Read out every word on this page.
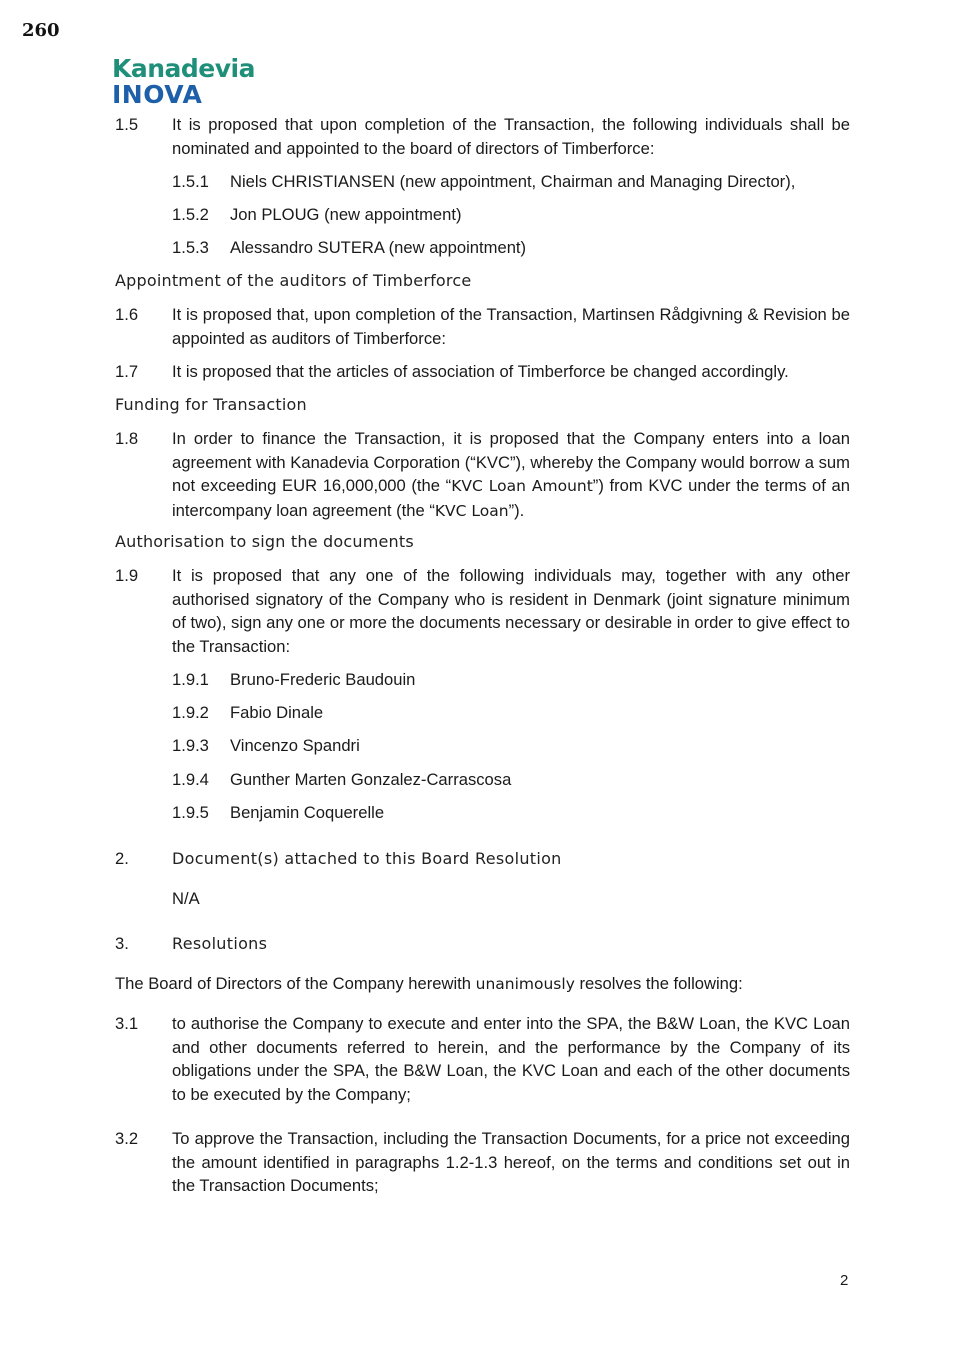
260
Kanadevia
INOVA
1.5 It is proposed that upon completion of the Transaction, the following individuals shall be nominated and appointed to the board of directors of Timberforce:
1.5.1 Niels CHRISTIANSEN (new appointment, Chairman and Managing Director),
1.5.2 Jon PLOUG (new appointment)
1.5.3 Alessandro SUTERA (new appointment)
Appointment of the auditors of Timberforce
1.6 It is proposed that, upon completion of the Transaction, Martinsen Rådgivning & Revision be appointed as auditors of Timberforce:
1.7 It is proposed that the articles of association of Timberforce be changed accordingly.
Funding for Transaction
1.8 In order to finance the Transaction, it is proposed that the Company enters into a loan agreement with Kanadevia Corporation (“KVC”), whereby the Company would borrow a sum not exceeding EUR 16,000,000 (the “KVC Loan Amount”) from KVC under the terms of an intercompany loan agreement (the “KVC Loan”).
Authorisation to sign the documents
1.9 It is proposed that any one of the following individuals may, together with any other authorised signatory of the Company who is resident in Denmark (joint signature minimum of two), sign any one or more the documents necessary or desirable in order to give effect to the Transaction:
1.9.1 Bruno-Frederic Baudouin
1.9.2 Fabio Dinale
1.9.3 Vincenzo Spandri
1.9.4 Gunther Marten Gonzalez-Carrascosa
1.9.5 Benjamin Coquerelle
2.	Document(s) attached to this Board Resolution
N/A
3.	Resolutions
The Board of Directors of the Company herewith unanimously resolves the following:
3.1 to authorise the Company to execute and enter into the SPA, the B&W Loan, the KVC Loan and other documents referred to herein, and the performance by the Company of its obligations under the SPA, the B&W Loan, the KVC Loan and each of the other documents to be executed by the Company;
3.2 To approve the Transaction, including the Transaction Documents, for a price not exceeding the amount identified in paragraphs 1.2-1.3 hereof, on the terms and conditions set out in the Transaction Documents;
2
